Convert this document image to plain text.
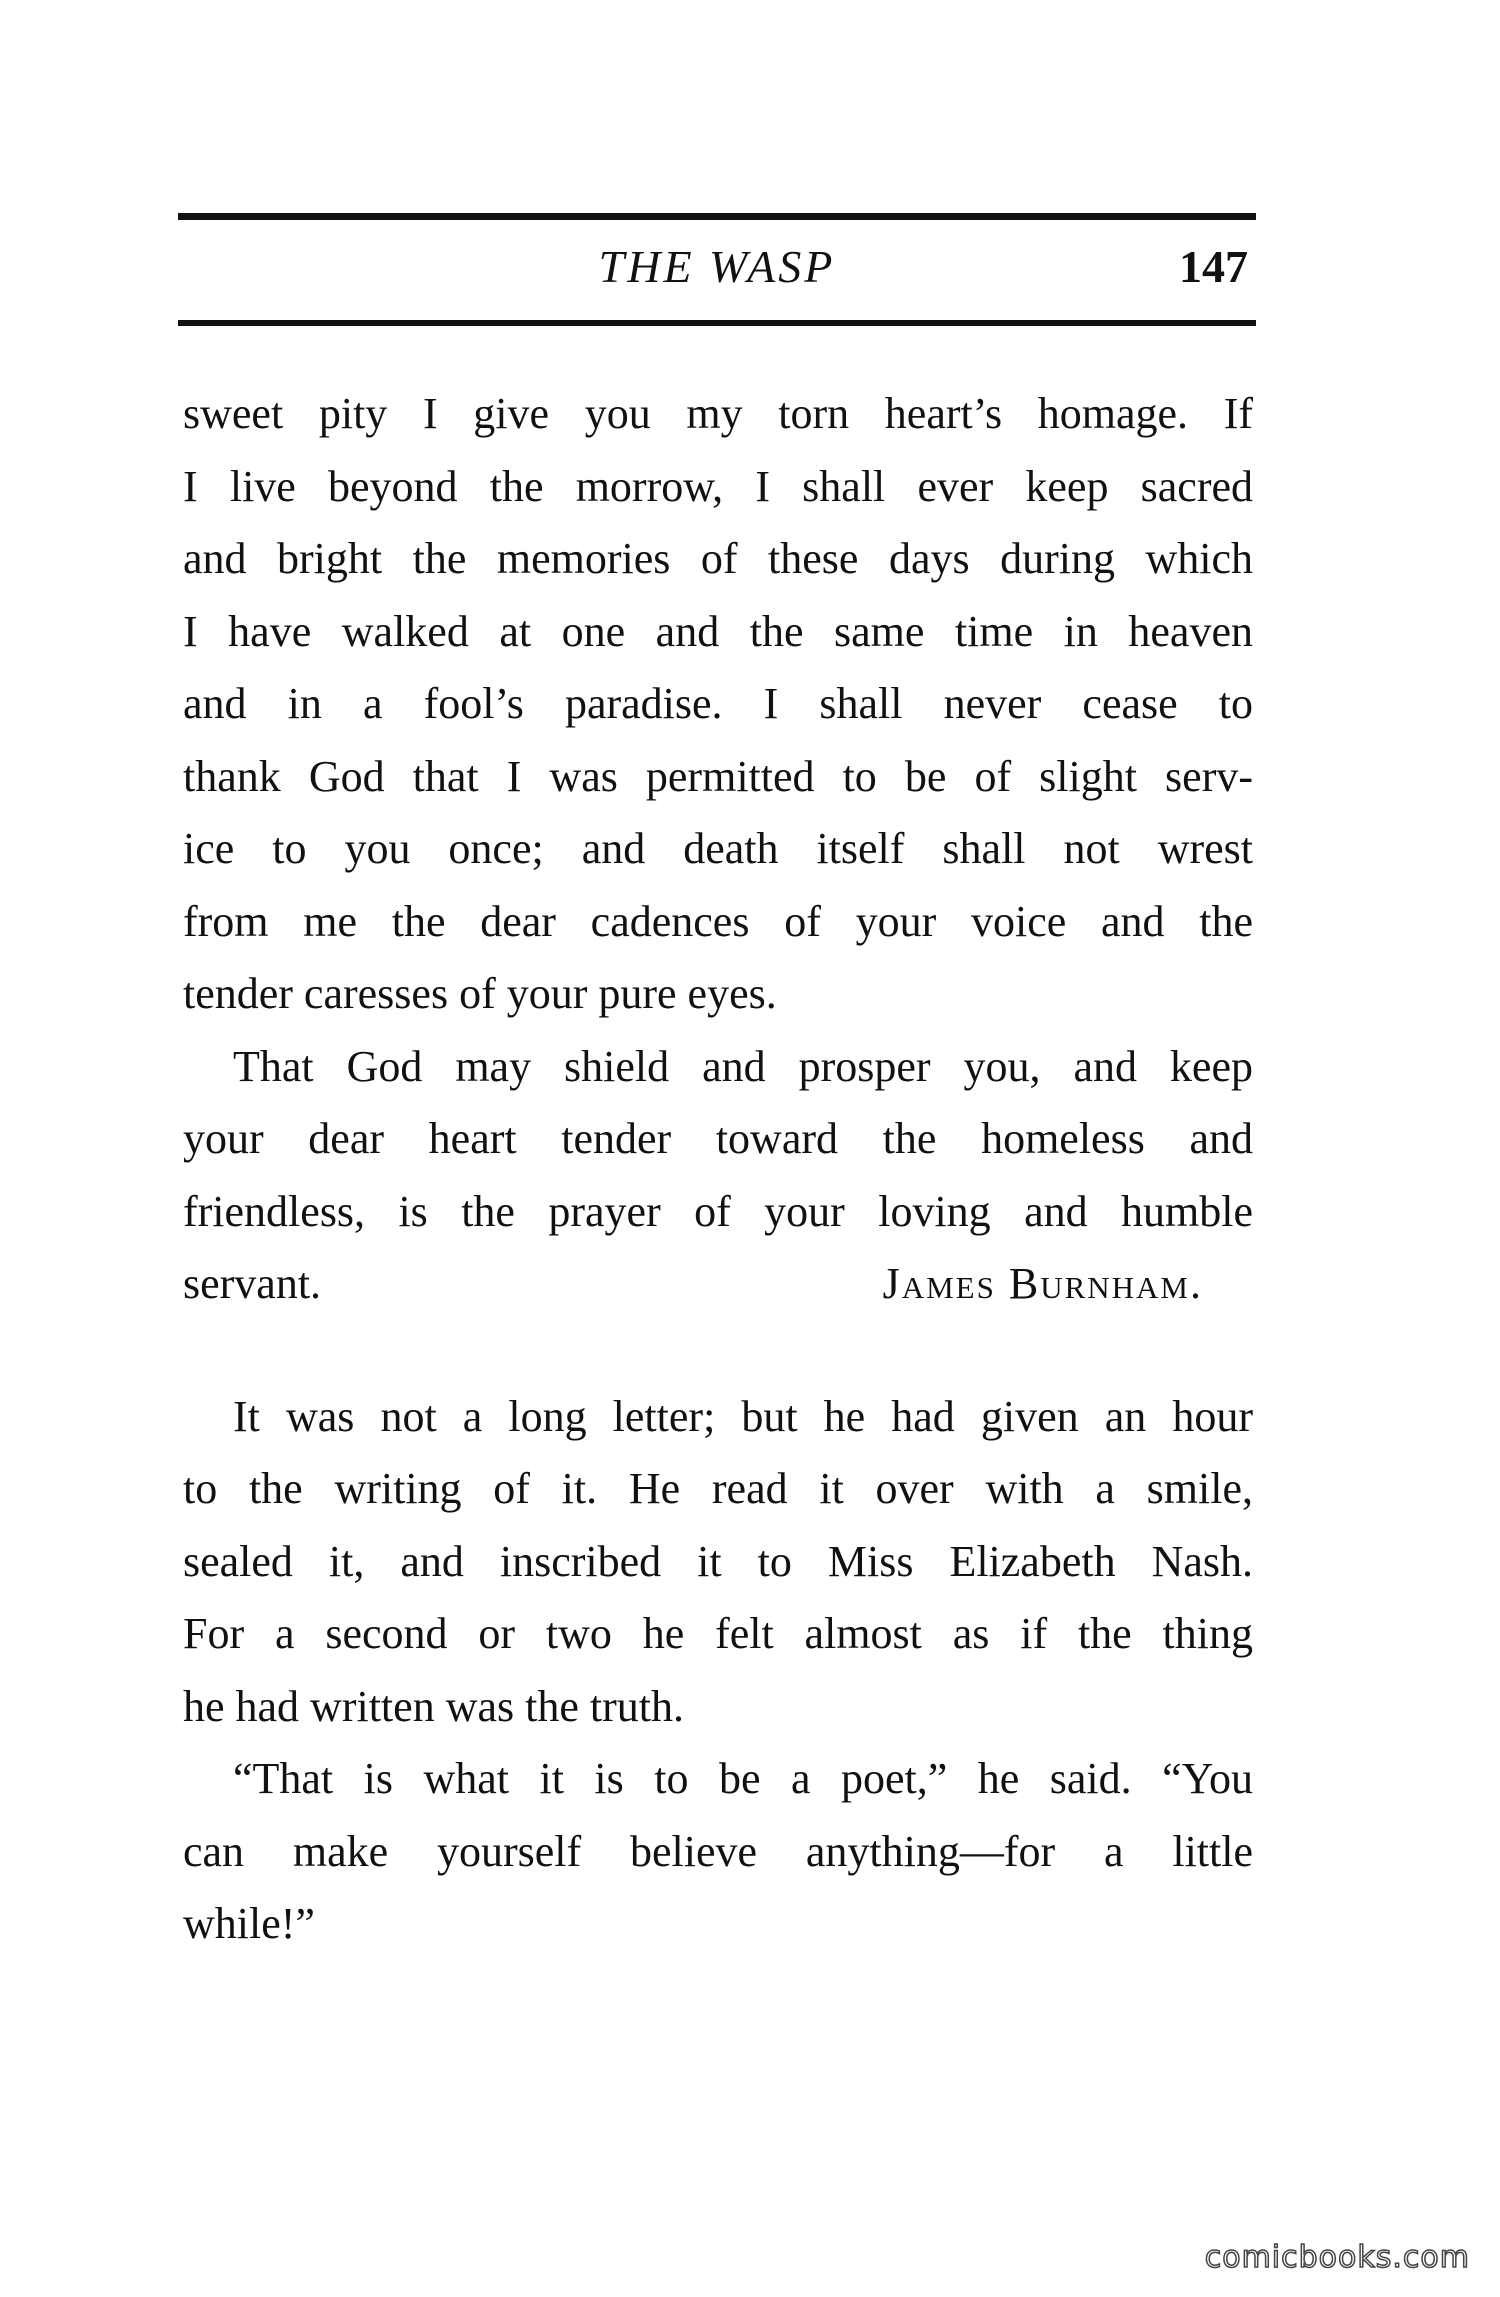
THE WASP	147
sweet pity I give you my torn heart’s homage. If
I live beyond the morrow, I shall ever keep sacred
and bright the memories of these days during which
I have walked at one and the same time in heaven
and in a fool’s paradise. I shall never cease to
thank God that I was permitted to be of slight serv-
ice to you once; and death itself shall not wrest
from me the dear cadences of your voice and the
tender caresses of your pure eyes.
That God may shield and prosper you, and keep
your dear heart tender toward the homeless and
friendless, is the prayer of your loving and humble
servant.	James Burnham.
It was not a long letter; but he had given an hour
to the writing of it. He read it over with a smile,
sealed it, and inscribed it to Miss Elizabeth Nash.
For a second or two he felt almost as if the thing
he had written was the truth.
“That is what it is to be a poet,” he said. “You
can make yourself believe anything—for a little
while!”
comicbooks.com
